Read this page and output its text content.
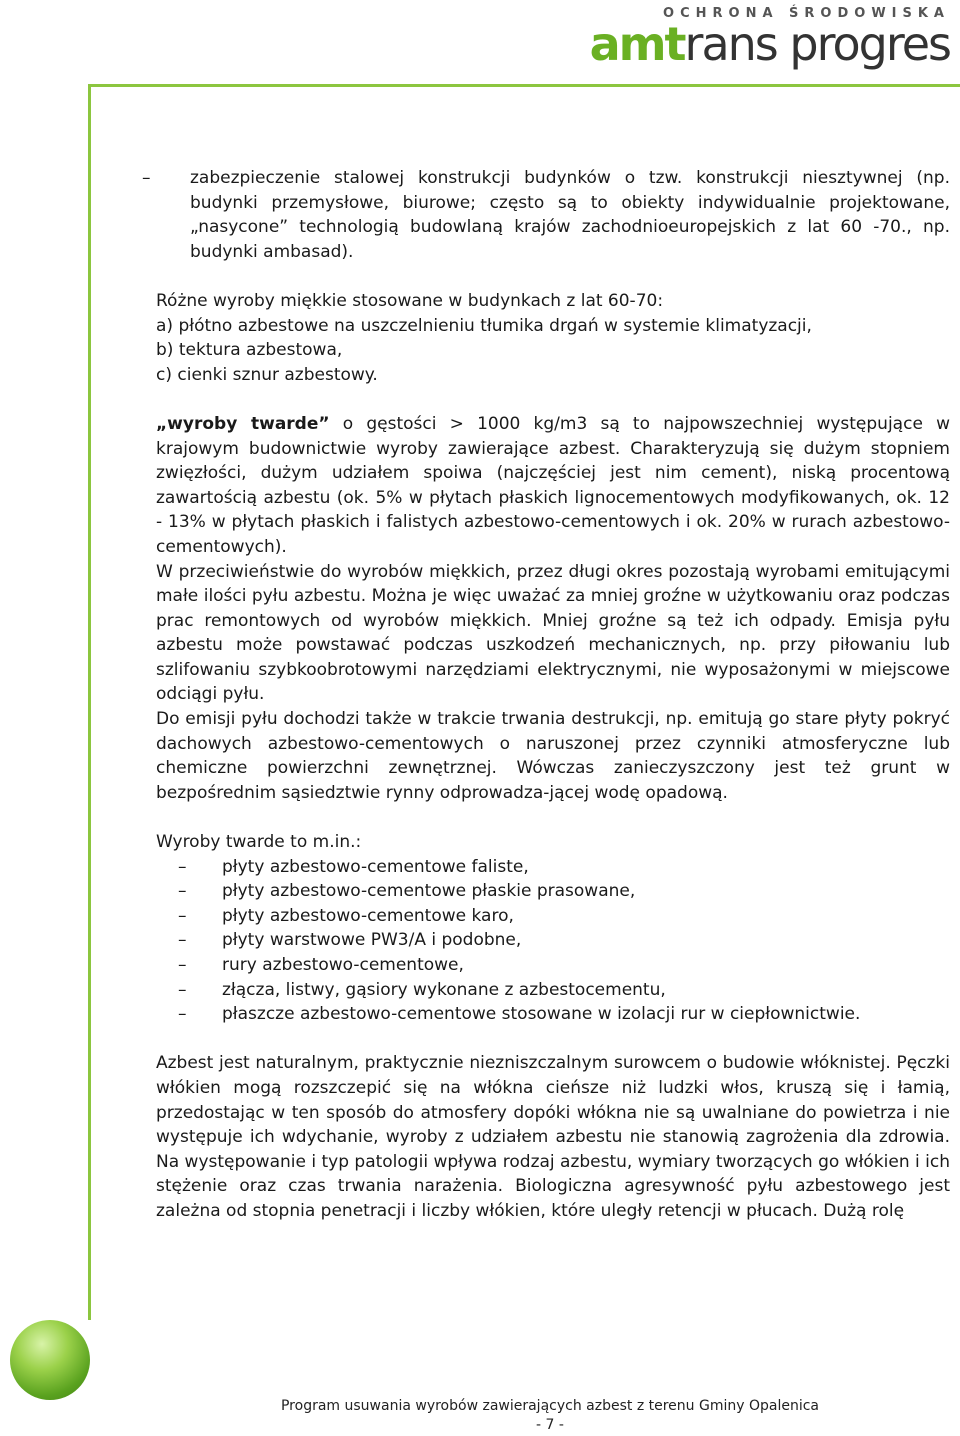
OCHRONA ŚRODOWISKA
amtrans progres
– zabezpieczenie stalowej konstrukcji budynków o tzw. konstrukcji niesztywnej (np. budynki przemysłowe, biurowe; często są to obiekty indywidualnie projektowane, „nasycone” technologią budowlaną krajów zachodnioeuropejskich z lat 60 -70., np. budynki ambasad).

Różne wyroby miękkie stosowane w budynkach z lat 60-70:

a) płótno azbestowe na uszczelnieniu tłumika drgań w systemie klimatyzacji,

b) tektura azbestowa,

c) cienki sznur azbestowy.

„wyroby twarde” o gęstości > 1000 kg/m3 są to najpowszechniej występujące w krajowym budownictwie wyroby zawierające azbest. Charakteryzują się dużym stopniem zwięzłości, dużym udziałem spoiwa (najczęściej jest nim cement), niską procentową zawartością azbestu (ok. 5% w płytach płaskich lignocementowych modyfikowanych, ok. 12 - 13% w płytach płaskich i falistych azbestowo-cementowych i ok. 20% w rurach azbestowo-cementowych).

W przeciwieństwie do wyrobów miękkich, przez długi okres pozostają wyrobami emitującymi małe ilości pyłu azbestu. Można je więc uważać za mniej groźne w użytkowaniu oraz podczas prac remontowych od wyrobów miękkich. Mniej groźne są też ich odpady. Emisja pyłu azbestu może powstawać podczas uszkodzeń mechanicznych, np. przy piłowaniu lub szlifowaniu szybkoobrotowymi narzędziami elektrycznymi, nie wyposażonymi w miejscowe odciągi pyłu.

Do emisji pyłu dochodzi także w trakcie trwania destrukcji, np. emitują go stare płyty pokryć dachowych azbestowo-cementowych o naruszonej przez czynniki atmosferyczne lub chemiczne powierzchni zewnętrznej. Wówczas zanieczyszczony jest też grunt w bezpośrednim sąsiedztwie rynny odprowadza-jącej wodę opadową.

Wyroby twarde to m.in.:

– płyty azbestowo-cementowe faliste,
– płyty azbestowo-cementowe płaskie prasowane,
– płyty azbestowo-cementowe karo,
– płyty warstwowe PW3/A i podobne,
– rury azbestowo-cementowe,
– złącza, listwy, gąsiory wykonane z azbestocementu,
– płaszcze azbestowo-cementowe stosowane w izolacji rur w ciepłownictwie.

Azbest jest naturalnym, praktycznie niezniszczalnym surowcem o budowie włóknistej. Pęczki włókien mogą rozszczepić się na włókna cieńsze niż ludzki włos, kruszą się i łamią, przedostając w ten sposób do atmosfery dopóki włókna nie są uwalniane do powietrza i nie występuje ich wdychanie, wyroby z udziałem azbestu nie stanowią zagrożenia dla zdrowia. Na występowanie i typ patologii wpływa rodzaj azbestu, wymiary tworzących go włókien i ich stężenie oraz czas trwania narażenia. Biologiczna agresywność pyłu azbestowego jest zależna od stopnia penetracji i liczby włókien, które uległy retencji w płucach. Dużą rolę

Program usuwania wyrobów zawierających azbest z terenu Gminy Opalenica
- 7 -
